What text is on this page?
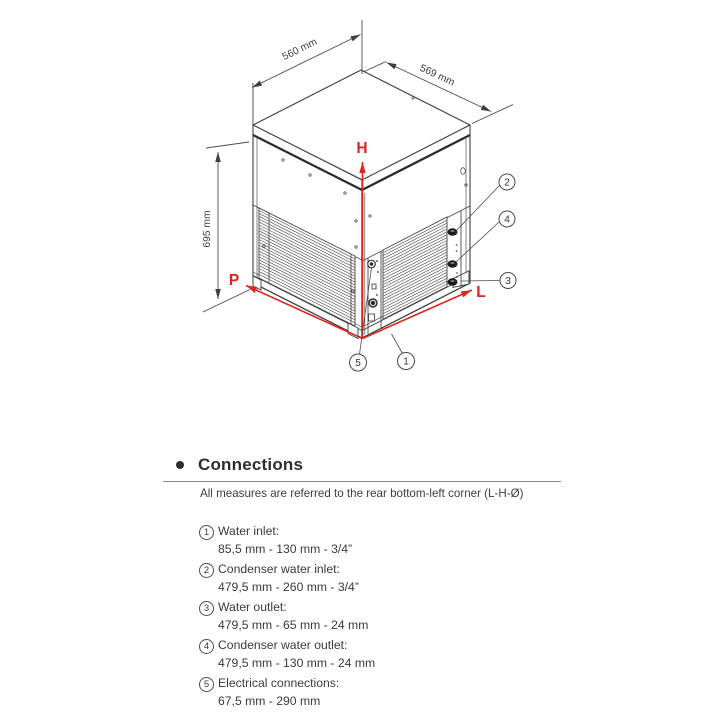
560 mm
569 mm
695 mm
H
P
L
2
4
3
5	1
Connections
All measures are referred to the rear bottom-left corner (L-H-Ø)
1 Water inlet:
85,5 mm - 130 mm - 3/4”
2 Condenser water inlet:
479,5 mm - 260 mm - 3/4”
3 Water outlet:
479,5 mm - 65 mm - 24 mm
4 Condenser water outlet:
479,5 mm - 130 mm - 24 mm
5 Electrical connections:
67,5 mm - 290 mm
